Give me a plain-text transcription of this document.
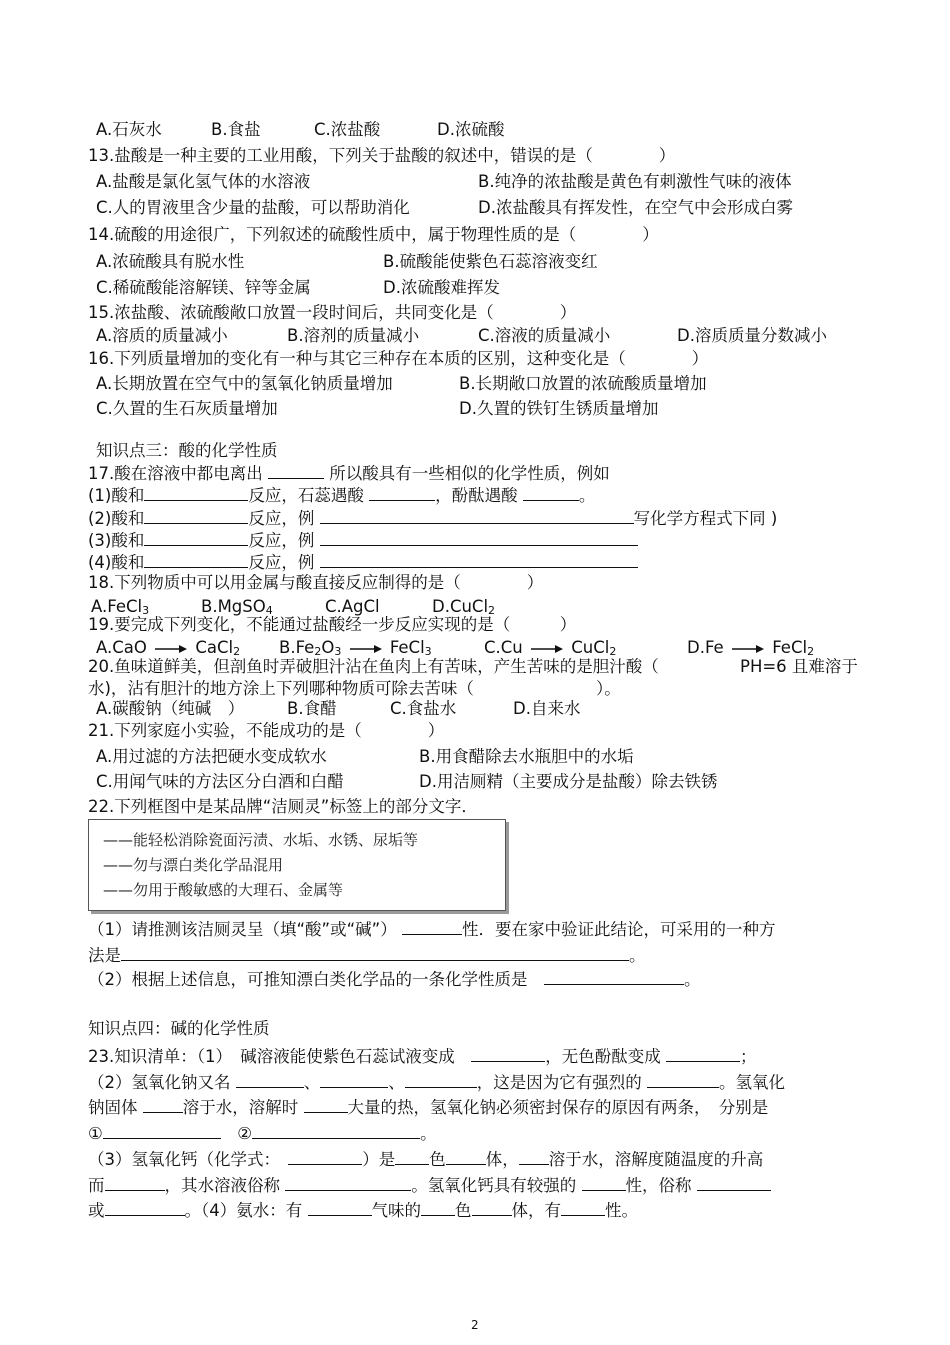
A.石灰水	B.食盐	C.浓盐酸	D.浓硫酸
13.盐酸是一种主要的工业用酸，下列关于盐酸的叙述中，错误的是（　　　　）
A.盐酸是氯化氢气体的水溶液	B.纯净的浓盐酸是黄色有刺激性气味的液体
C.人的胃液里含少量的盐酸，可以帮助消化	D.浓盐酸具有挥发性，在空气中会形成白雾
14.硫酸的用途很广，下列叙述的硫酸性质中，属于物理性质的是（　　　　）
A.浓硫酸具有脱水性	B.硫酸能使紫色石蕊溶液变红
C.稀硫酸能溶解镁、锌等金属	D.浓硫酸难挥发
15.浓盐酸、浓硫酸敞口放置一段时间后，共同变化是（　　　　）
A.溶质的质量减小	B.溶剂的质量减小	C.溶液的质量减小	D.溶质质量分数减小
16.下列质量增加的变化有一种与其它三种存在本质的区别，这种变化是（　　　　）
A.长期放置在空气中的氢氧化钠质量增加	B.长期敞口放置的浓硫酸质量增加
C.久置的生石灰质量增加	D.久置的铁钉生锈质量增加
知识点三：酸的化学性质
17.酸在溶液中都电离出	所以酸具有一些相似的化学性质，例如
(1)酸和	反应，石蕊遇酸	，酚酞遇酸	。
(2)酸和	反应，例	写化学方程式下同 )
(3)酸和	反应，例
(4)酸和	反应，例
18.下列物质中可以用金属与酸直接反应制得的是（　　　　）
A.FeCl$_3$	B.MgSO$_4$	C.AgCl	D.CuCl$_2$
19.要完成下列变化，不能通过盐酸经一步反应实现的是（　　　）
A.CaO → CaCl$_2$ $B.Fe_2O_3$ → FeCl$_3$	C.Cu → CuCl$_2$	D.Fe → FeCl$_2$
20.鱼味道鲜美，但剖鱼时弄破胆汁沾在鱼肉上有苦味，产生苦味的是胆汁酸（	PH=6 且难溶于
水)，沾有胆汁的地方涂上下列哪种物质可除去苦味（	）。
A.碳酸钠（纯碱　）	B.食醋	C.食盐水	D.自来水
21.下列家庭小实验，不能成功的是（　　　　）
A.用过滤的方法把硬水变成软水	B.用食醋除去水瓶胆中的水垢
C.用闻气味的方法区分白酒和白醋	D.用洁厕精（主要成分是盐酸）除去铁锈
22.下列框图中是某品牌“洁厕灵”标签上的部分文字．
——能轻松消除瓷面污渍、水垢、水锈、尿垢等
——勿与漂白类化学品混用
——勿用于酸敏感的大理石、金属等
（1）请推测该洁厕灵呈（填“酸”或“碱”）	性．要在家中验证此结论，可采用的一种方
法是	。
（2）根据上述信息，可推知漂白类化学品的一条化学性质是　	。
知识点四：碱的化学性质
23.知识清单：（1）　碱溶液能使紫色石蕊试液变成　	，无色酚酞变成	；
（2）氢氧化钠又名	、	、	，这是因为它有强烈的	。氢氧化
钠固体	溶于水，溶解时	大量的热，氢氧化钠必须密封保存的原因有两条，　分别是
①　	②	。
（3）氢氧化钙（化学式：　	）是 色 体， 溶于水，溶解度随温度的升高
而	，其水溶液俗称	。氢氧化钙具有较强的	性，俗称
或	。（4）氨水：有	气味的 色 体，有	性。
2
